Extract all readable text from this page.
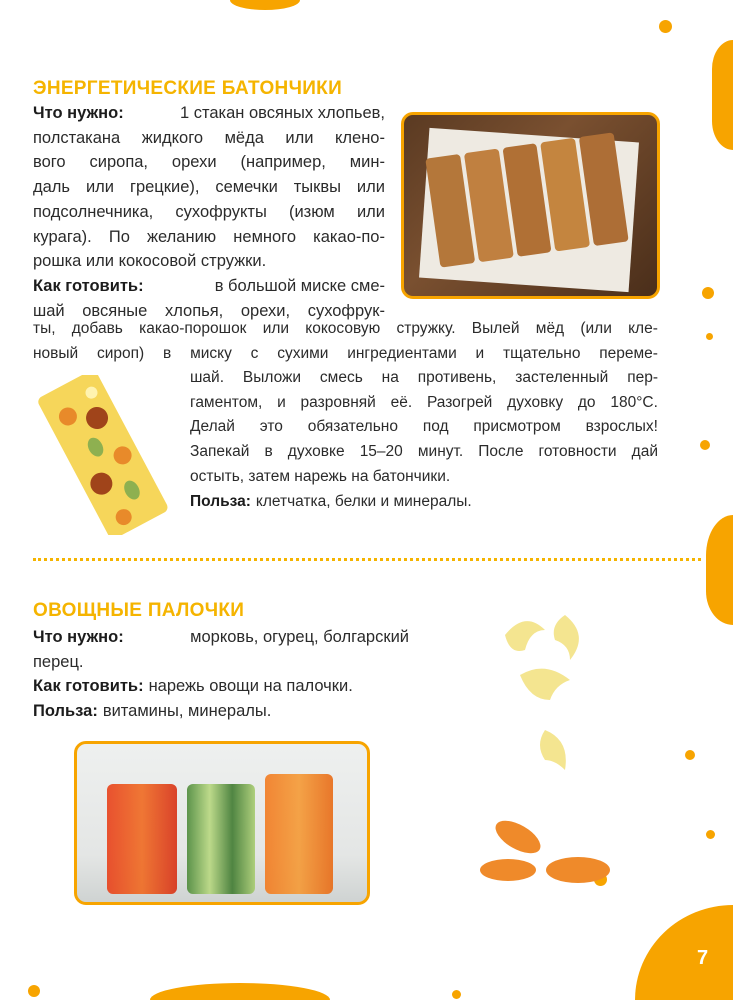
ЭНЕРГЕТИЧЕСКИЕ БАТОНЧИКИ
Что нужно:	1 стакан овсяных хлопьев,
полстакана жидкого мёда или клено-
вого сиропа, орехи (например, мин-
даль или грецкие), семечки тыквы или
подсолнечника, сухофрукты (изюм или
курага). По желанию немного какао-по-
рошка или кокосовой стружки.
Как готовить:	в большой миске сме-
шай овсяные хлопья, орехи, сухофрук-
ты, добавь какао-порошок или кокосовую стружку. Вылей мёд (или кле-
новый сироп) в миску с сухими ингредиентами и тщательно переме-
шай. Выложи смесь на противень, застеленный пер-
гаментом, и разровняй её. Разогрей духовку до 180°С.
Делай это обязательно под присмотром взрослых!
Запекай в духовке 15–20 минут. После готовности дай
остыть, затем нарежь на батончики.
Польза: клетчатка, белки и минералы.
ОВОЩНЫЕ ПАЛОЧКИ
Что нужно:	морковь, огурец, болгарский
перец.
Как готовить: нарежь овощи на палочки.
Польза: витамины, минералы.
7
